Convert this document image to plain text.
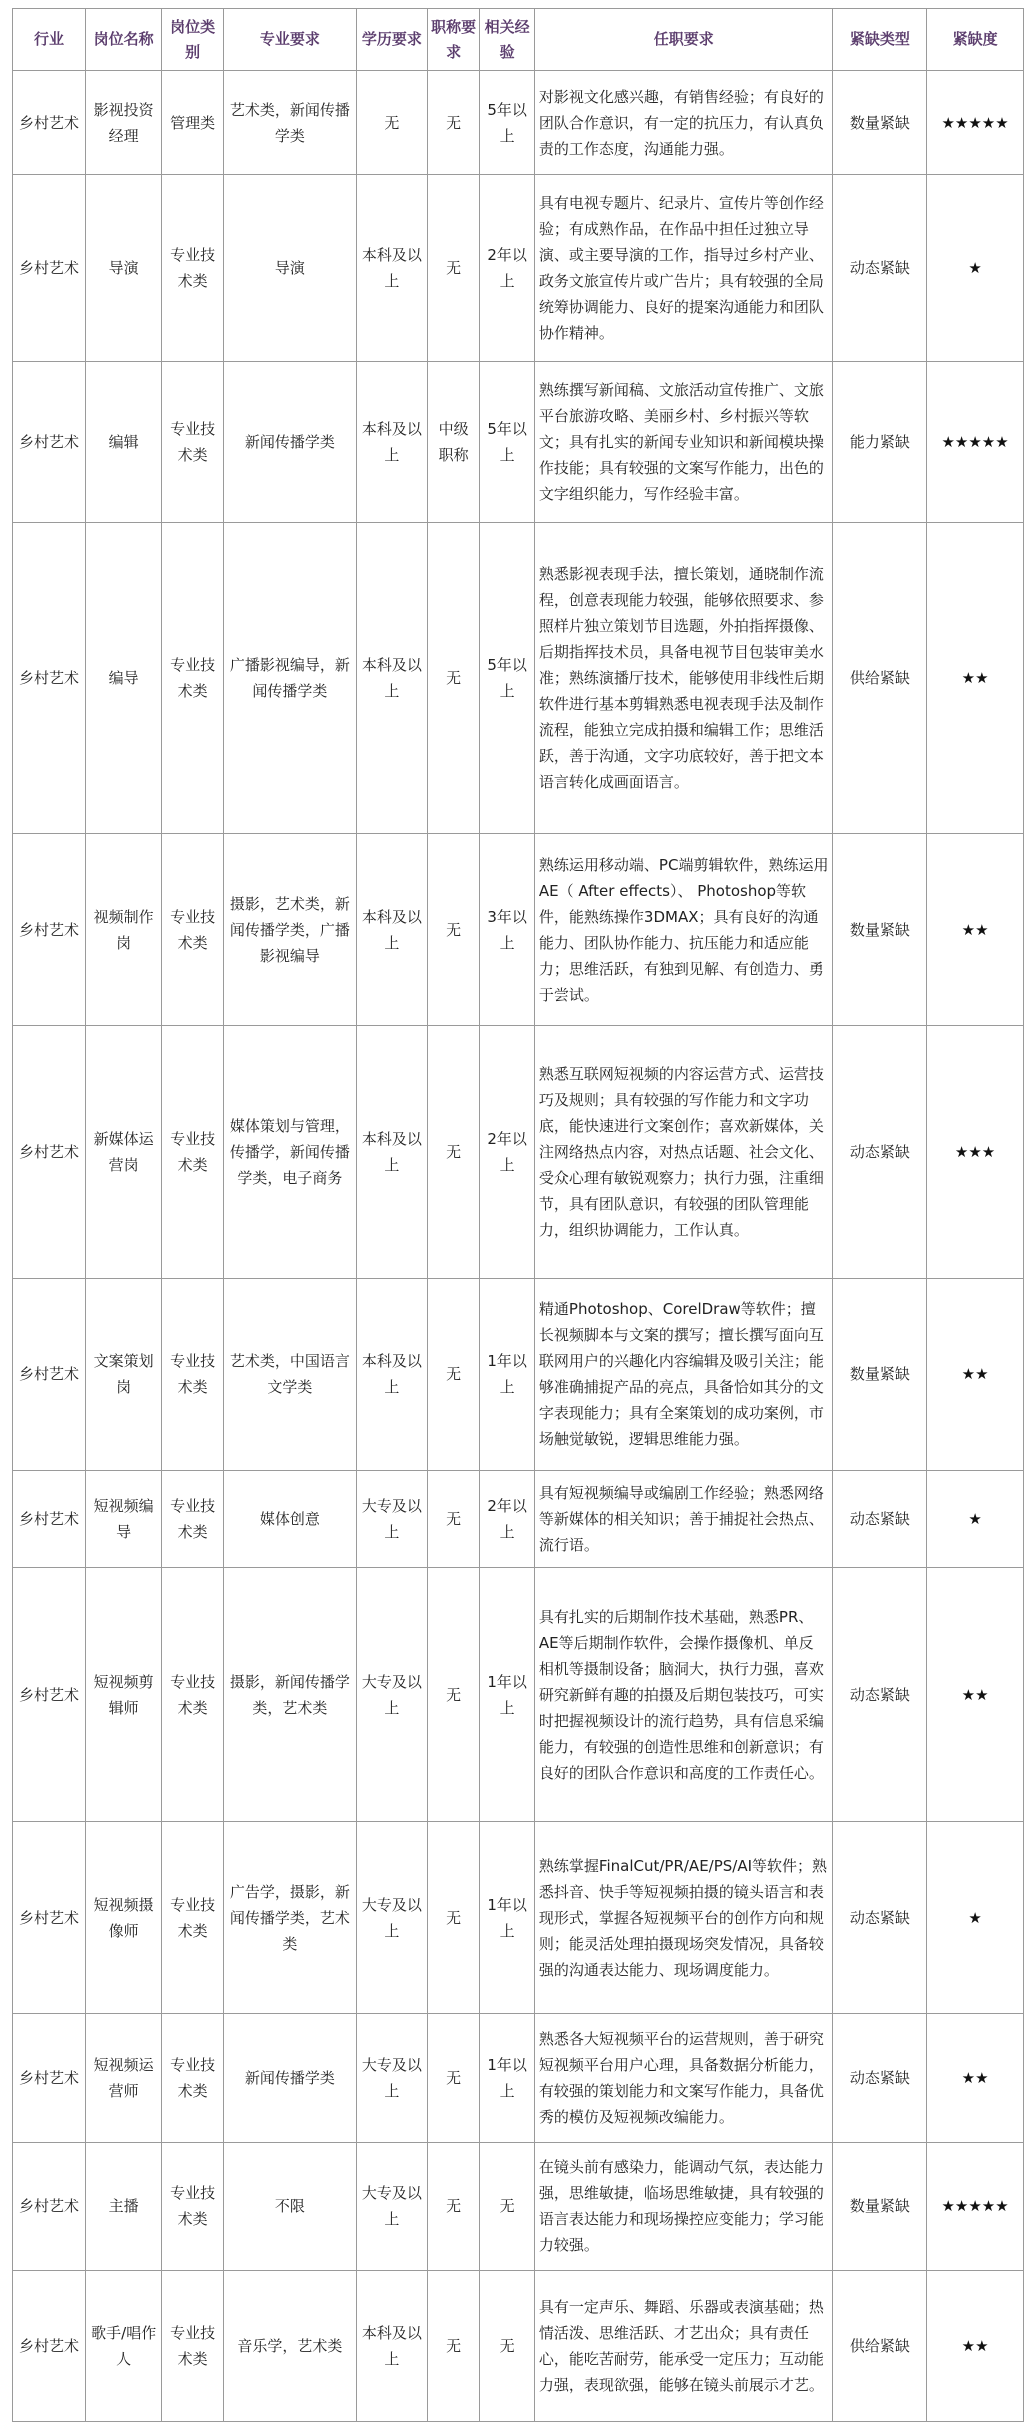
行业	岗位名称	岗位类别	专业要求	学历要求	职称要求	相关经验	任职要求	紧缺类型	紧缺度
乡村艺术	影视投资经理	管理类	艺术类，新闻传播学类	无	无	5年以上	对影视文化感兴趣，有销售经验；有良好的团队合作意识，有一定的抗压力，有认真负责的工作态度，沟通能力强。	数量紧缺	★★★★★
乡村艺术	导演	专业技术类	导演	本科及以上	无	2年以上	具有电视专题片、纪录片、宣传片等创作经验；有成熟作品，在作品中担任过独立导演、或主要导演的工作，指导过乡村产业、政务文旅宣传片或广告片；具有较强的全局统筹协调能力、良好的提案沟通能力和团队协作精神。	动态紧缺	★
乡村艺术	编辑	专业技术类	新闻传播学类	本科及以上	中级职称	5年以上	熟练撰写新闻稿、文旅活动宣传推广、文旅平台旅游攻略、美丽乡村、乡村振兴等软文；具有扎实的新闻专业知识和新闻模块操作技能；具有较强的文案写作能力，出色的文字组织能力，写作经验丰富。	能力紧缺	★★★★★
乡村艺术	编导	专业技术类	广播影视编导，新闻传播学类	本科及以上	无	5年以上	熟悉影视表现手法，擅长策划，通晓制作流程，创意表现能力较强，能够依照要求、参照样片独立策划节目选题，外拍指挥摄像、后期指挥技术员，具备电视节目包装审美水准；熟练演播厅技术，能够使用非线性后期软件进行基本剪辑熟悉电视表现手法及制作流程，能独立完成拍摄和编辑工作；思维活跃，善于沟通，文字功底较好，善于把文本语言转化成画面语言。	供给紧缺	★★
乡村艺术	视频制作岗	专业技术类	摄影，艺术类，新闻传播学类，广播影视编导	本科及以上	无	3年以上	熟练运用移动端、PC端剪辑软件，熟练运用AE（ After effects）、 Photoshop等软件，能熟练操作3DMAX；具有良好的沟通能力、团队协作能力、抗压能力和适应能力；思维活跃，有独到见解、有创造力、勇于尝试。	数量紧缺	★★
乡村艺术	新媒体运营岗	专业技术类	媒体策划与管理，传播学，新闻传播学类，电子商务	本科及以上	无	2年以上	熟悉互联网短视频的内容运营方式、运营技巧及规则；具有较强的写作能力和文字功底，能快速进行文案创作；喜欢新媒体，关注网络热点内容，对热点话题、社会文化、受众心理有敏锐观察力；执行力强，注重细节，具有团队意识，有较强的团队管理能力，组织协调能力，工作认真。	动态紧缺	★★★
乡村艺术	文案策划岗	专业技术类	艺术类，中国语言文学类	本科及以上	无	1年以上	精通Photoshop、CorelDraw等软件；擅长视频脚本与文案的撰写；擅长撰写面向互联网用户的兴趣化内容编辑及吸引关注；能够准确捕捉产品的亮点，具备恰如其分的文字表现能力；具有全案策划的成功案例，市场触觉敏锐，逻辑思维能力强。	数量紧缺	★★
乡村艺术	短视频编导	专业技术类	媒体创意	大专及以上	无	2年以上	具有短视频编导或编剧工作经验；熟悉网络等新媒体的相关知识；善于捕捉社会热点、流行语。	动态紧缺	★
乡村艺术	短视频剪辑师	专业技术类	摄影，新闻传播学类，艺术类	大专及以上	无	1年以上	具有扎实的后期制作技术基础，熟悉PR、AE等后期制作软件，会操作摄像机、单反相机等摄制设备；脑洞大，执行力强，喜欢研究新鲜有趣的拍摄及后期包装技巧，可实时把握视频设计的流行趋势，具有信息采编能力，有较强的创造性思维和创新意识；有良好的团队合作意识和高度的工作责任心。	动态紧缺	★★
乡村艺术	短视频摄像师	专业技术类	广告学，摄影，新闻传播学类，艺术类	大专及以上	无	1年以上	熟练掌握FinalCut/PR/AE/PS/AI等软件；熟悉抖音、快手等短视频拍摄的镜头语言和表现形式，掌握各短视频平台的创作方向和规则；能灵活处理拍摄现场突发情况，具备较强的沟通表达能力、现场调度能力。	动态紧缺	★
乡村艺术	短视频运营师	专业技术类	新闻传播学类	大专及以上	无	1年以上	熟悉各大短视频平台的运营规则，善于研究短视频平台用户心理，具备数据分析能力，有较强的策划能力和文案写作能力，具备优秀的模仿及短视频改编能力。	动态紧缺	★★
乡村艺术	主播	专业技术类	不限	大专及以上	无	无	在镜头前有感染力，能调动气氛，表达能力强，思维敏捷，临场思维敏捷，具有较强的语言表达能力和现场操控应变能力；学习能力较强。	数量紧缺	★★★★★
乡村艺术	歌手/唱作人	专业技术类	音乐学，艺术类	本科及以上	无	无	具有一定声乐、舞蹈、乐器或表演基础；热情活泼、思维活跃、才艺出众；具有责任心，能吃苦耐劳，能承受一定压力；互动能力强，表现欲强，能够在镜头前展示才艺。	供给紧缺	★★
